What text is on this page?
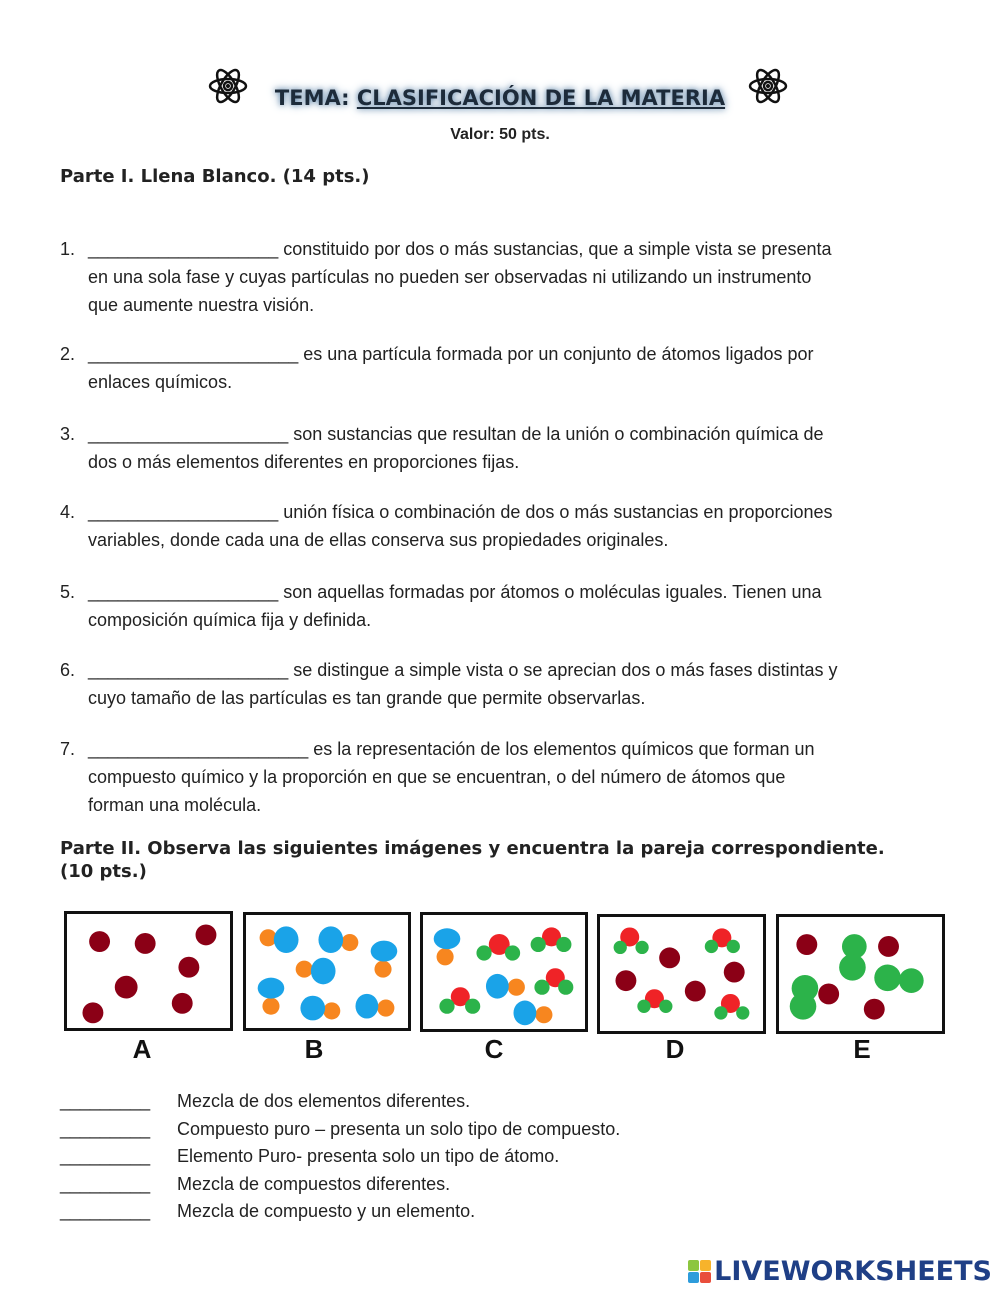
TEMA: CLASIFICACIÓN DE LA MATERIA
Valor: 50 pts.
Parte I. Llena Blanco. (14 pts.)
1. ___________________ constituido por dos o más sustancias, que a simple vista se presenta
en una sola fase y cuyas partículas no pueden ser observadas ni utilizando un instrumento
que aumente nuestra visión.
2. _____________________ es una partícula formada por un conjunto de átomos ligados por
enlaces químicos.
3. ____________________ son sustancias que resultan de la unión o combinación química de
dos o más elementos diferentes en proporciones fijas.
4. ___________________ unión física o combinación de dos o más sustancias en proporciones
variables, donde cada una de ellas conserva sus propiedades originales.
5. ___________________ son aquellas formadas por átomos o moléculas iguales. Tienen una
composición química fija y definida.
6. ____________________ se distingue a simple vista o se aprecian dos o más fases distintas y
cuyo tamaño de las partículas es tan grande que permite observarlas.
7. ______________________ es la representación de los elementos químicos que forman un
compuesto químico y la proporción en que se encuentran, o del número de átomos que
forman una molécula.
Parte II. Observa las siguientes imágenes y encuentra la pareja correspondiente.
(10 pts.)
A	B	C	D	E
_________ Mezcla de dos elementos diferentes.
_________ Compuesto puro – presenta un solo tipo de compuesto.
_________ Elemento Puro- presenta solo un tipo de átomo.
_________ Mezcla de compuestos diferentes.
_________ Mezcla de compuesto y un elemento.
LIVEWORKSHEETS
